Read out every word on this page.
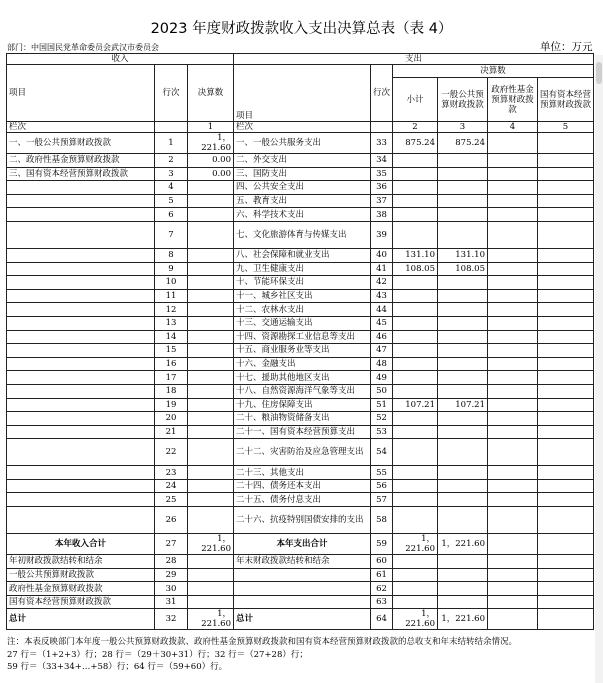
2023 年度财政拨款收入支出决算总表（表 4）
部门：中国国民党革命委员会武汉市委员会	单位：万元
收入			支出					
项目	行次	决算数	项目	行次	决算数			
					小计	一般公共预算财政拨款	政府性基金预算财政拨款	国有资本经营预算财政拨款
栏次		1	栏次		2	3	4	5
一、一般公共预算财政拨款	1	1，221.60	一、一般公共服务支出	33	875.24	875.24		
二、政府性基金预算财政拨款	2	0.00	二、外交支出	34				
三、国有资本经营预算财政拨款	3	0.00	三、国防支出	35				
	4		四、公共安全支出	36				
	5		五、教育支出	37				
	6		六、科学技术支出	38				
	7		七、文化旅游体育与传媒支出	39				
	8		八、社会保障和就业支出	40	131.10	131.10		
	9		九、卫生健康支出	41	108.05	108.05		
	10		十、节能环保支出	42				
	11		十一、城乡社区支出	43				
	12		十二、农林水支出	44				
	13		十三、交通运输支出	45				
	14		十四、资源勘探工业信息等支出	46				
	15		十五、商业服务业等支出	47				
	16		十六、金融支出	48				
	17		十七、援助其他地区支出	49				
	18		十八、自然资源海洋气象等支出	50				
	19		十九、住房保障支出	51	107.21	107.21		
	20		二十、粮油物资储备支出	52				
	21		二十一、国有资本经营预算支出	53				
	22		二十二、灾害防治及应急管理支出	54				
	23		二十三、其他支出	55				
	24		二十四、债务还本支出	56				
	25		二十五、债务付息支出	57				
	26		二十六、抗疫特别国债安排的支出	58				
本年收入合计	27	1，221.60	本年支出合计	59	1，221.60	1，221.60		
年初财政拨款结转和结余	28		年末财政拨款结转和结余	60				
一般公共预算财政拨款	29			61				
政府性基金预算财政拨款	30			62				
国有资本经营预算财政拨款	31			63				
总计	32	1，221.60	总计	64	1，221.60	1，221.60		
注：本表反映部门本年度一般公共预算财政拨款、政府性基金预算财政拨款和国有资本经营预算财政拨款的总收支和年末结转结余情况。
27 行＝（1+2+3）行；28 行＝（29＋30+31）行；32 行＝（27+28）行；
59 行＝（33+34+…+58）行；64 行＝（59+60）行。
